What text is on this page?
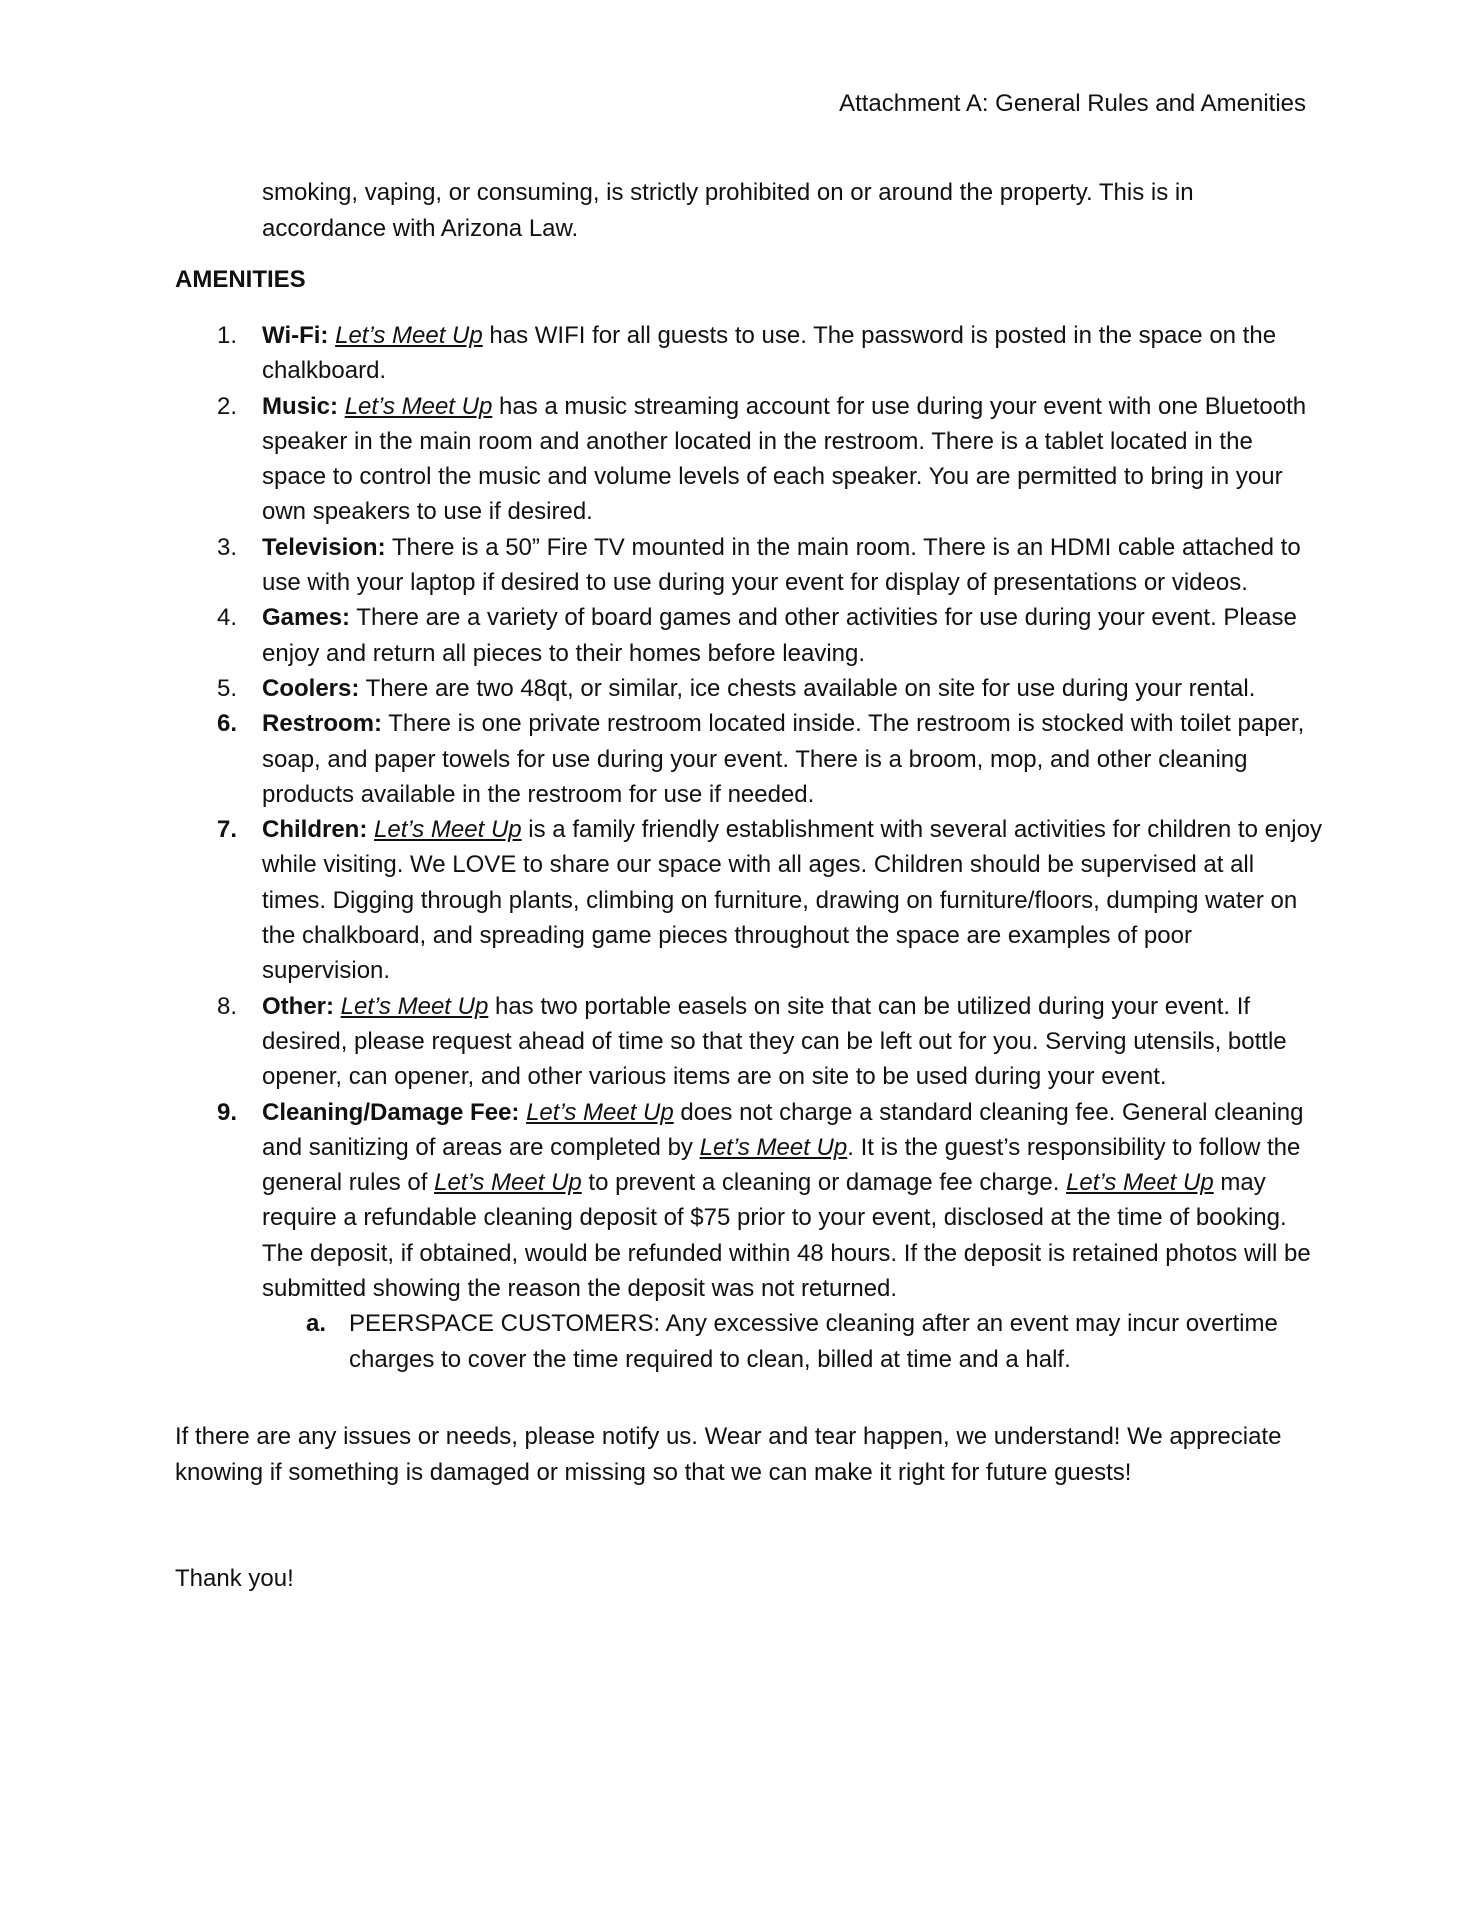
Attachment A: General Rules and Amenities
smoking, vaping, or consuming, is strictly prohibited on or around the property. This is in accordance with Arizona Law.
AMENITIES
1. Wi-Fi: Let’s Meet Up has WIFI for all guests to use. The password is posted in the space on the chalkboard.
2. Music: Let’s Meet Up has a music streaming account for use during your event with one Bluetooth speaker in the main room and another located in the restroom. There is a tablet located in the space to control the music and volume levels of each speaker. You are permitted to bring in your own speakers to use if desired.
3. Television: There is a 50” Fire TV mounted in the main room. There is an HDMI cable attached to use with your laptop if desired to use during your event for display of presentations or videos.
4. Games: There are a variety of board games and other activities for use during your event. Please enjoy and return all pieces to their homes before leaving.
5. Coolers: There are two 48qt, or similar, ice chests available on site for use during your rental.
6. Restroom: There is one private restroom located inside. The restroom is stocked with toilet paper, soap, and paper towels for use during your event. There is a broom, mop, and other cleaning products available in the restroom for use if needed.
7. Children: Let’s Meet Up is a family friendly establishment with several activities for children to enjoy while visiting. We LOVE to share our space with all ages. Children should be supervised at all times. Digging through plants, climbing on furniture, drawing on furniture/floors, dumping water on the chalkboard, and spreading game pieces throughout the space are examples of poor supervision.
8. Other: Let’s Meet Up has two portable easels on site that can be utilized during your event. If desired, please request ahead of time so that they can be left out for you. Serving utensils, bottle opener, can opener, and other various items are on site to be used during your event.
9. Cleaning/Damage Fee: Let’s Meet Up does not charge a standard cleaning fee. General cleaning and sanitizing of areas are completed by Let’s Meet Up. It is the guest’s responsibility to follow the general rules of Let’s Meet Up to prevent a cleaning or damage fee charge. Let’s Meet Up may require a refundable cleaning deposit of $75 prior to your event, disclosed at the time of booking. The deposit, if obtained, would be refunded within 48 hours. If the deposit is retained photos will be submitted showing the reason the deposit was not returned.
a. PEERSPACE CUSTOMERS: Any excessive cleaning after an event may incur overtime charges to cover the time required to clean, billed at time and a half.
If there are any issues or needs, please notify us. Wear and tear happen, we understand! We appreciate knowing if something is damaged or missing so that we can make it right for future guests!
Thank you!
